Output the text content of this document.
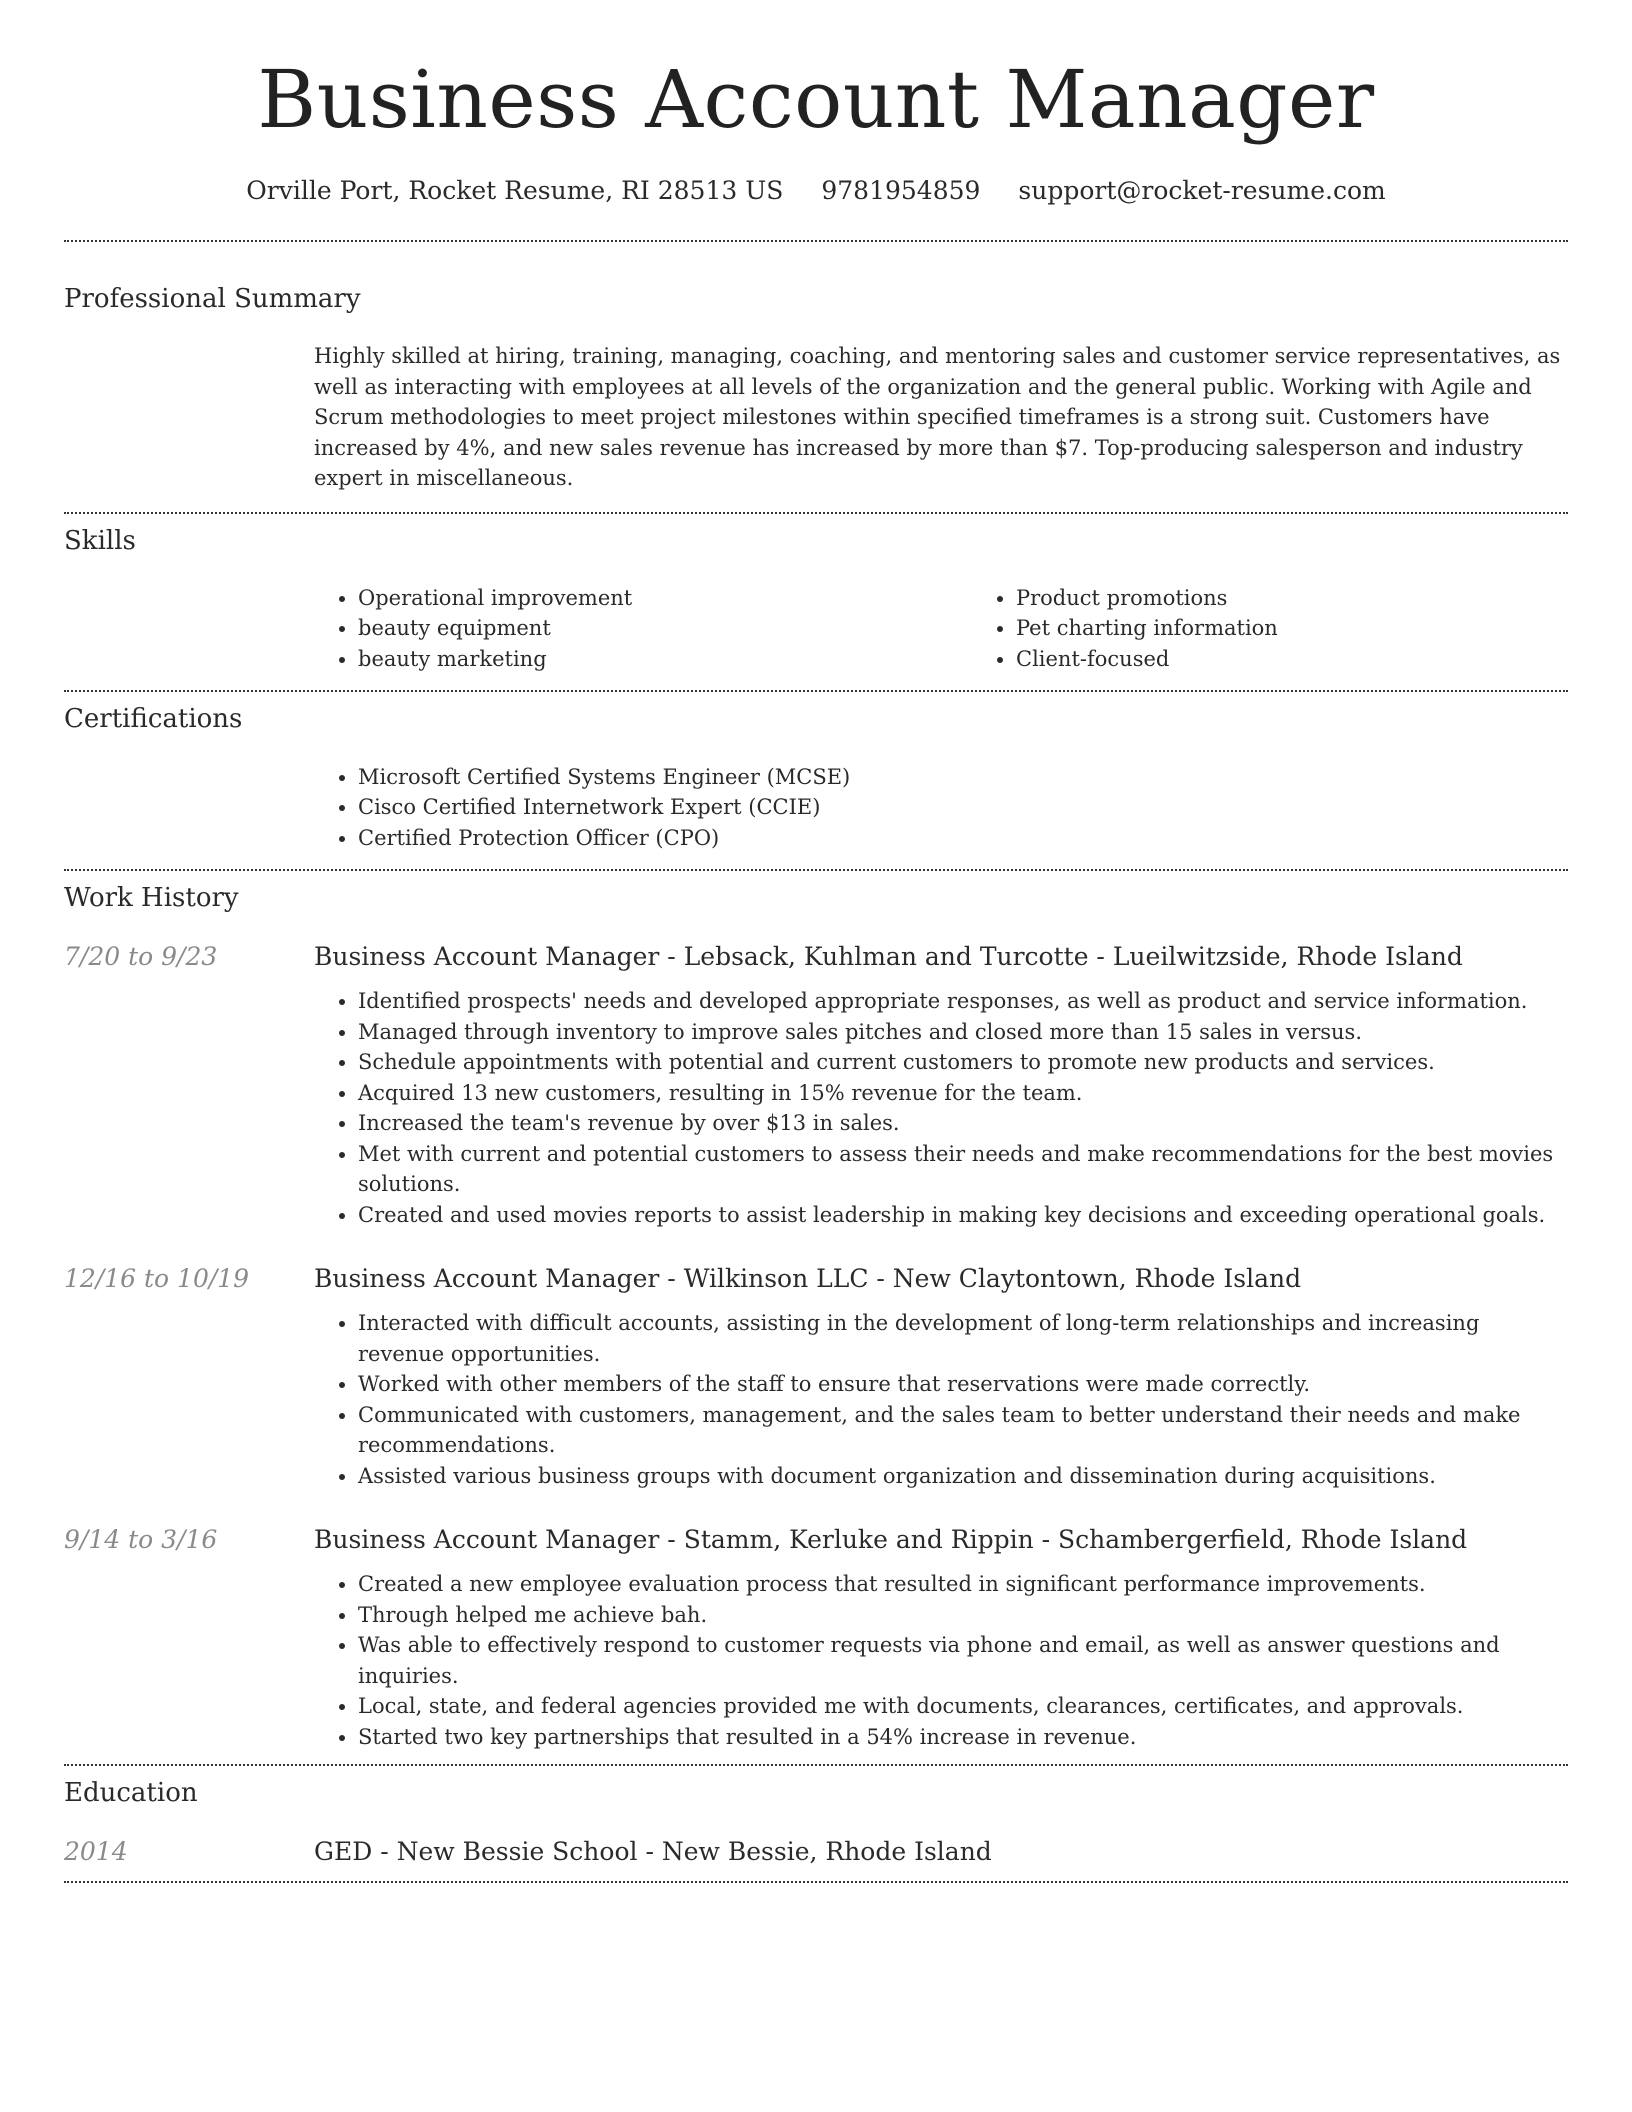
Business Account Manager
Orville Port, Rocket Resume, RI 28513 US 9781954859 support@rocket-resume.com
Professional Summary

Highly skilled at hiring, training, managing, coaching, and mentoring sales and customer service representatives, as well as interacting with employees at all levels of the organization and the general public. Working with Agile and Scrum methodologies to meet project milestones within specified timeframes is a strong suit. Customers have increased by 4%, and new sales revenue has increased by more than $7. Top-producing salesperson and industry expert in miscellaneous.

Skills
• Operational improvement
• beauty equipment
• beauty marketing
• Product promotions
• Pet charting information
• Client-focused
Certifications
• Microsoft Certified Systems Engineer (MCSE)
• Cisco Certified Internetwork Expert (CCIE)
• Certified Protection Officer (CPO)
Work History
7/20 to 9/23	Business Account Manager - Lebsack, Kuhlman and Turcotte - Lueilwitzside, Rhode Island
• Identified prospects' needs and developed appropriate responses, as well as product and service information.
• Managed through inventory to improve sales pitches and closed more than 15 sales in versus.
• Schedule appointments with potential and current customers to promote new products and services.
• Acquired 13 new customers, resulting in 15% revenue for the team.
• Increased the team's revenue by over $13 in sales.
• Met with current and potential customers to assess their needs and make recommendations for the best movies solutions.
• Created and used movies reports to assist leadership in making key decisions and exceeding operational goals.
12/16 to 10/19	Business Account Manager - Wilkinson LLC - New Claytontown, Rhode Island
• Interacted with difficult accounts, assisting in the development of long-term relationships and increasing revenue opportunities.
• Worked with other members of the staff to ensure that reservations were made correctly.
• Communicated with customers, management, and the sales team to better understand their needs and make recommendations.
• Assisted various business groups with document organization and dissemination during acquisitions.
9/14 to 3/16	Business Account Manager - Stamm, Kerluke and Rippin - Schambergerfield, Rhode Island
• Created a new employee evaluation process that resulted in significant performance improvements.
• Through helped me achieve bah.
• Was able to effectively respond to customer requests via phone and email, as well as answer questions and inquiries.
• Local, state, and federal agencies provided me with documents, clearances, certificates, and approvals.
• Started two key partnerships that resulted in a 54% increase in revenue.
Education
2014	GED - New Bessie School - New Bessie, Rhode Island
